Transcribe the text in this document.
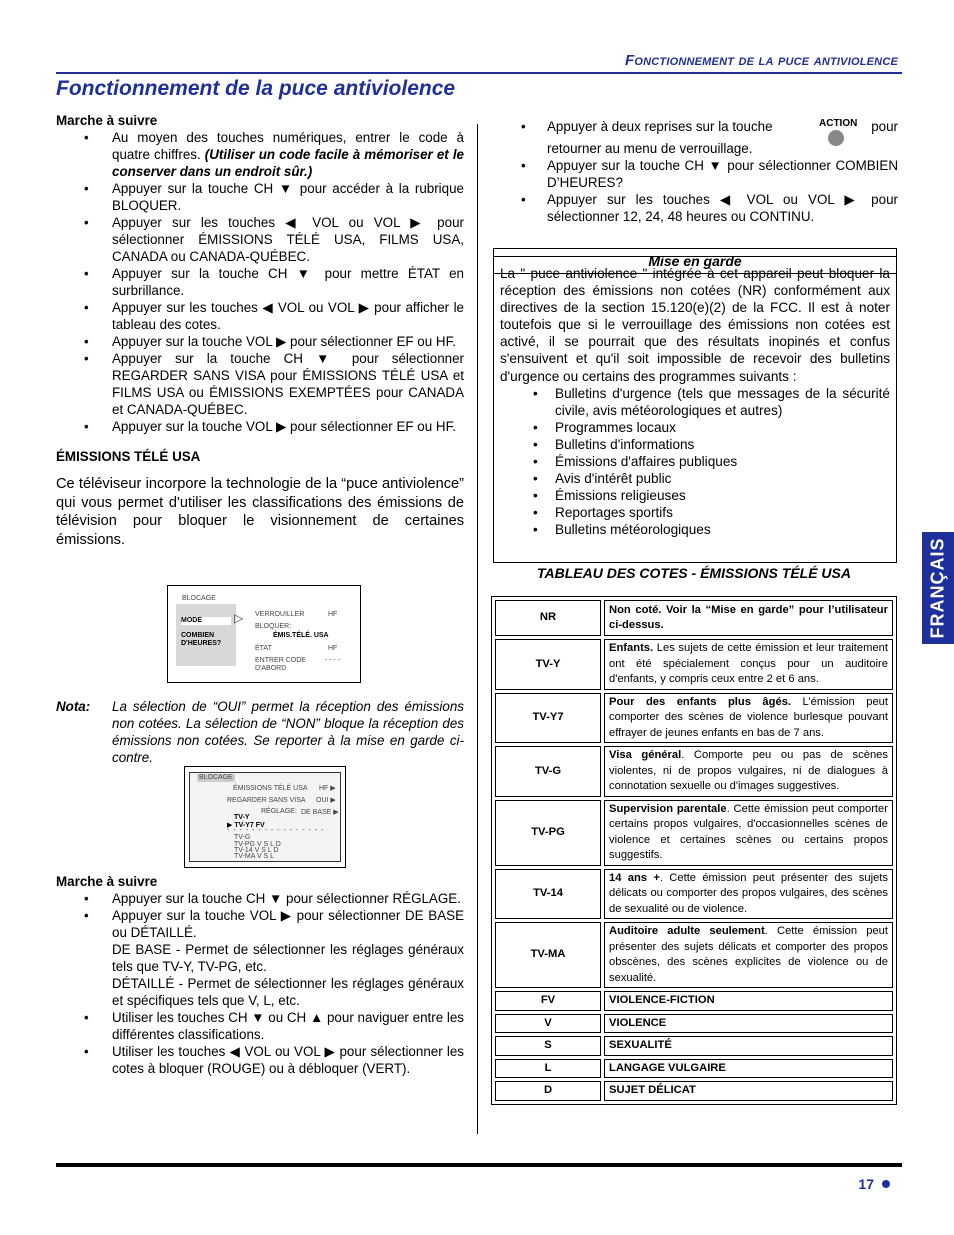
Fonctionnement de la puce antiviolence
Fonctionnement de la puce antiviolence
Marche à suivre
• Au moyen des touches numériques, entrer le code à quatre chiffres. (Utiliser un code facile à mémoriser et le conserver dans un endroit sûr.)
• Appuyer sur la touche CH ▼ pour accéder à la rubrique BLOQUER.
• Appuyer sur les touches ◀ VOL ou VOL ▶ pour sélectionner ÉMISSIONS TÉLÉ USA, FILMS USA, CANADA ou CANADA-QUÉBEC.
• Appuyer sur la touche CH ▼ pour mettre ÉTAT en surbrillance.
• Appuyer sur les touches ◀ VOL ou VOL ▶ pour afficher le tableau des cotes.
• Appuyer sur la touche VOL ▶ pour sélectionner EF ou HF.
• Appuyer sur la touche CH ▼ pour sélectionner REGARDER SANS VISA pour ÉMISSIONS TÉLÉ USA et FILMS USA ou ÉMISSIONS EXEMPTÉES pour CANADA et CANADA-QUÉBEC.
• Appuyer sur la touche VOL ▶ pour sélectionner EF ou HF.
ÉMISSIONS TÉLÉ USA

Ce téléviseur incorpore la technologie de la “puce antiviolence” qui vous permet d'utiliser les classifications des émissions de télévision pour bloquer le visionnement de certaines émissions.

BLOCAGE
MODE	▷
COMBIEN D'HEURES?
VERROUILLER	HF
BLOQUER:
ÉMIS.TÉLÉ. USA
ÉTAT	HF
ENTRER CODE D'ABORD
- - - -
Nota:	La sélection de “OUI” permet la réception des émissions non cotées. La sélection de “NON” bloque la réception des émissions non cotées. Se reporter à la mise en garde ci-contre.
BLOCAGE
ÉMISSIONS TÉLÉ USA HF ▶
REGARDER SANS VISA OUI ▶
RÉGLAGE: DE BASE ▶
TV-Y
▶ TV-Y7 FV
- - - - - - - - - - - - - - - -
TV-G
TV-PG V S L D
TV-14 V S L D
TV-MA V S L
Marche à suivre
• Appuyer sur la touche CH ▼ pour sélectionner RÉGLAGE.
• Appuyer sur la touche VOL ▶ pour sélectionner DE BASE ou DÉTAILLÉ.
DE BASE - Permet de sélectionner les réglages généraux tels que TV-Y, TV-PG, etc.
DÉTAILLÉ - Permet de sélectionner les réglages généraux et spécifiques tels que V, L, etc.
• Utiliser les touches CH ▼ ou CH ▲ pour naviguer entre les différentes classifications.
• Utiliser les touches ◀ VOL ou VOL ▶ pour sélectionner les cotes à bloquer (ROUGE) ou à débloquer (VERT).
ACTION
• Appuyer à deux reprises sur la touche	pour
retourner au menu de verrouillage.
• Appuyer sur la touche CH ▼ pour sélectionner COMBIEN D’HEURES?
• Appuyer sur les touches ◀ VOL ou VOL ▶ pour sélectionner 12, 24, 48 heures ou CONTINU.
Mise en garde
La " puce antiviolence " intégrée à cet appareil peut bloquer la réception des émissions non cotées (NR) conformément aux directives de la section 15.120(e)(2) de la FCC. Il est à noter toutefois que si le verrouillage des émissions non cotées est activé, il se pourrait que des résultats inopinés et confus s'ensuivent et qu'il soit impossible de recevoir des bulletins d'urgence ou certains des programmes suivants :
• Bulletins d'urgence (tels que messages de la sécurité civile, avis météorologiques et autres)
• Programmes locaux
• Bulletins d'informations
• Émissions d'affaires publiques
• Avis d'intérêt public
• Émissions religieuses
• Reportages sportifs
• Bulletins météorologiques
TABLEAU DES COTES - ÉMISSIONS TÉLÉ USA
NR	Non coté. Voir la “Mise en garde” pour l’utilisateur ci-dessus.
TV-Y	Enfants. Les sujets de cette émission et leur traitement ont été spécialement conçus pour un auditoire d'enfants, y compris ceux entre 2 et 6 ans.
TV-Y7	Pour des enfants plus âgés. L’émission peut comporter des scènes de violence burlesque pouvant effrayer de jeunes enfants en bas de 7 ans.
TV-G	Visa général. Comporte peu ou pas de scènes violentes, ni de propos vulgaires, ni de dialogues à connotation sexuelle ou d'images suggestives.
TV-PG	Supervision parentale. Cette émission peut comporter certains propos vulgaires, d'occasionnelles scènes de violence et certaines scènes ou certains propos suggestifs.
TV-14	14 ans +. Cette émission peut présenter des sujets délicats ou comporter des propos vulgaires, des scènes de sexualité ou de violence.
TV-MA	Auditoire adulte seulement. Cette émission peut présenter des sujets délicats et comporter des propos obscènes, des scènes explicites de violence ou de sexualité.
FV	VIOLENCE-FICTION
V	VIOLENCE
S	SEXUALITÉ
L	LANGAGE VULGAIRE
D	SUJET DÉLICAT
FRANÇAIS
17
